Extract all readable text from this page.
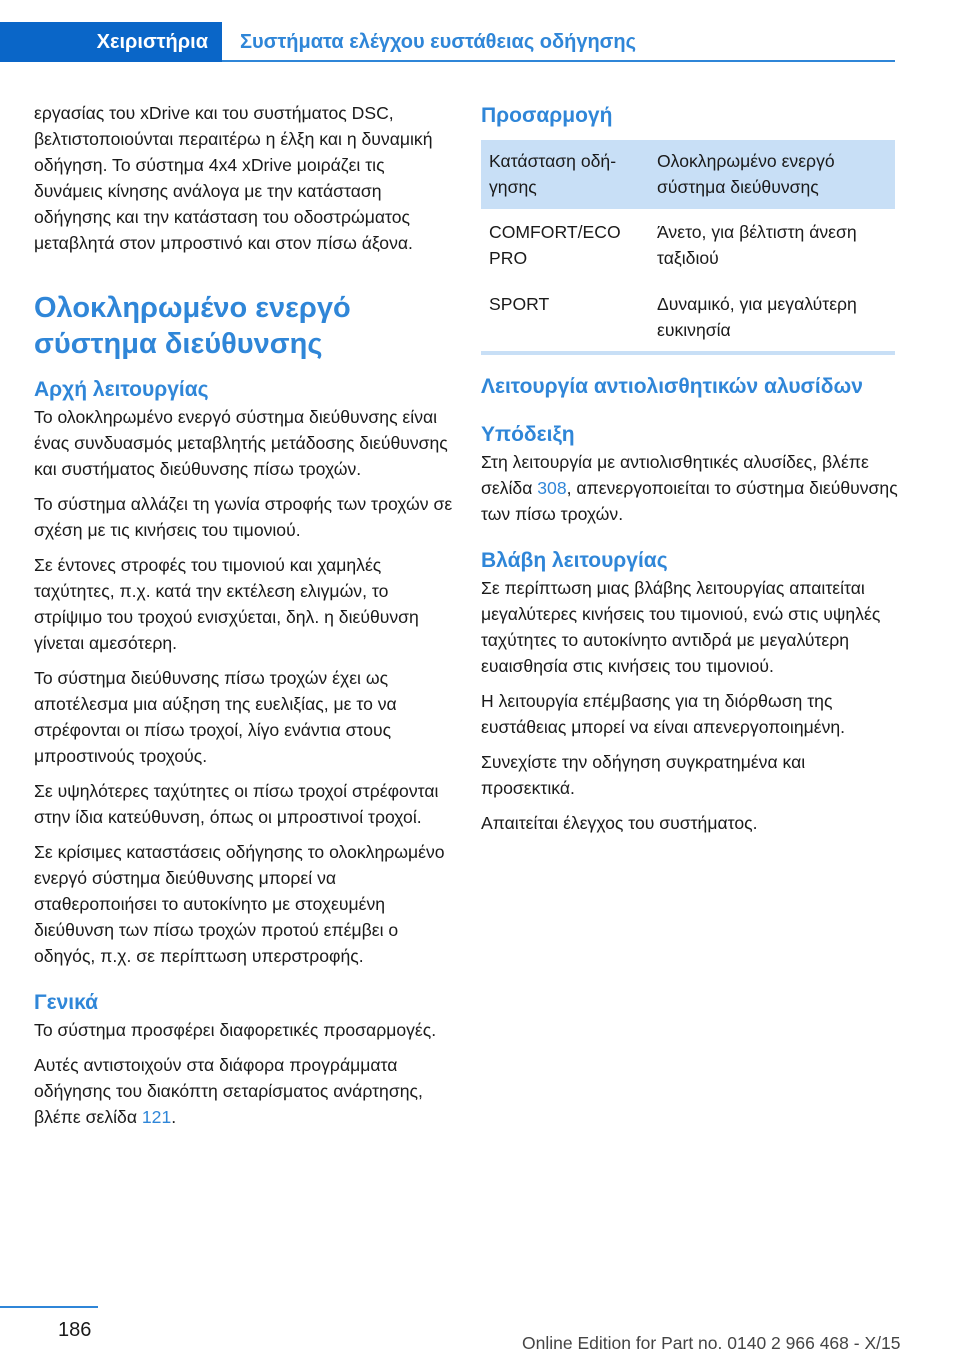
Χειριστήρια	Συστήματα ελέγχου ευστάθειας οδήγησης

εργασίας του xDrive και του συστήματος DSC, βελτιστοποιούνται περαιτέρω η έλξη και η δυναμική οδήγηση. Το σύστημα 4x4 xDrive μοιράζει τις δυνάμεις κίνησης ανάλογα με την κατάσταση οδήγησης και την κατάσταση του οδοστρώματος μεταβλητά στον μπροστινό και στον πίσω άξονα.

Ολοκληρωμένο ενεργό σύστημα διεύθυνσης
Αρχή λειτουργίας

Το ολοκληρωμένο ενεργό σύστημα διεύθυνσης είναι ένας συνδυασμός μεταβλητής μετάδοσης διεύθυνσης και συστήματος διεύθυνσης πίσω τροχών.

Το σύστημα αλλάζει τη γωνία στροφής των τροχών σε σχέση με τις κινήσεις του τιμονιού.

Σε έντονες στροφές του τιμονιού και χαμηλές ταχύτητες, π.χ. κατά την εκτέλεση ελιγμών, το στρίψιμο του τροχού ενισχύεται, δηλ. η διεύθυνση γίνεται αμεσότερη.

Το σύστημα διεύθυνσης πίσω τροχών έχει ως αποτέλεσμα μια αύξηση της ευελιξίας, με το να στρέφονται οι πίσω τροχοί, λίγο ενάντια στους μπροστινούς τροχούς.

Σε υψηλότερες ταχύτητες οι πίσω τροχοί στρέφονται στην ίδια κατεύθυνση, όπως οι μπροστινοί τροχοί.

Σε κρίσιμες καταστάσεις οδήγησης το ολοκληρωμένο ενεργό σύστημα διεύθυνσης μπορεί να σταθεροποιήσει το αυτοκίνητο με στοχευμένη διεύθυνση των πίσω τροχών προτού επέμβει ο οδηγός, π.χ. σε περίπτωση υπερστροφής.

Γενικά

Το σύστημα προσφέρει διαφορετικές προσαρμογές.

Αυτές αντιστοιχούν στα διάφορα προγράμματα οδήγησης του διακόπτη σεταρίσματος ανάρτησης, βλέπε σελίδα 121.

Προσαρμογή
Κατάσταση οδήγησης	Ολοκληρωμένο ενεργό σύστημα διεύθυνσης
COMFORT/ECO PRO	Άνετο, για βέλτιστη άνεση ταξιδιού
SPORT	Δυναμικό, για μεγαλύτερη ευκινησία
Λειτουργία αντιολισθητικών αλυσίδων
Υπόδειξη

Στη λειτουργία με αντιολισθητικές αλυσίδες, βλέπε σελίδα 308, απενεργοποιείται το σύστημα διεύθυνσης των πίσω τροχών.

Βλάβη λειτουργίας

Σε περίπτωση μιας βλάβης λειτουργίας απαιτείται μεγαλύτερες κινήσεις του τιμονιού, ενώ στις υψηλές ταχύτητες το αυτοκίνητο αντιδρά με μεγαλύτερη ευαισθησία στις κινήσεις του τιμονιού.

Η λειτουργία επέμβασης για τη διόρθωση της ευστάθειας μπορεί να είναι απενεργοποιημένη.

Συνεχίστε την οδήγηση συγκρατημένα και προσεκτικά.

Απαιτείται έλεγχος του συστήματος.

186
Online Edition for Part no. 0140 2 966 468 - X/15
